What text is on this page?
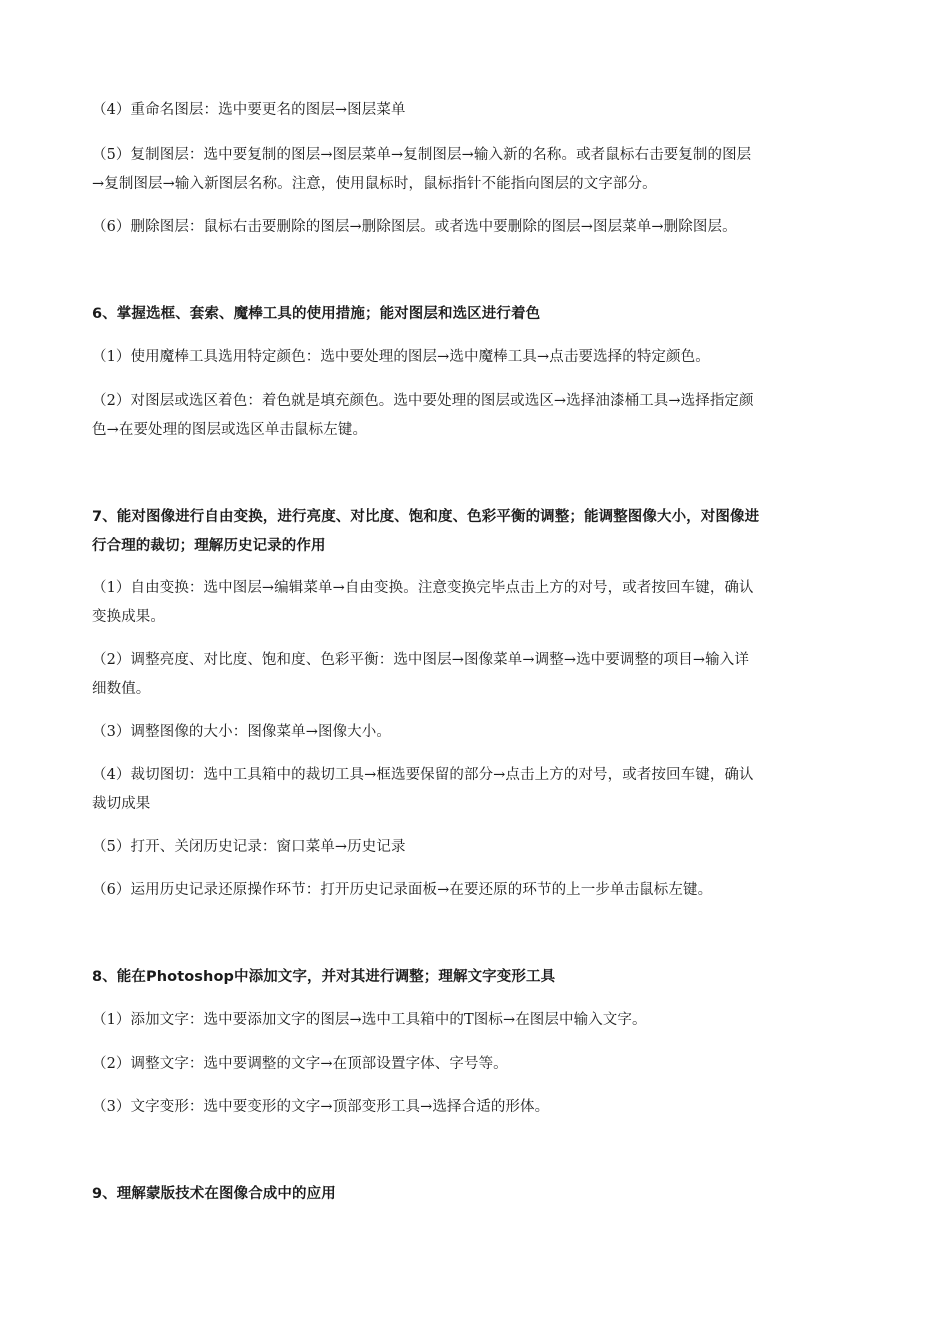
（4）重命名图层：选中要更名的图层→图层菜单
（5）复制图层：选中要复制的图层→图层菜单→复制图层→输入新的名称。或者鼠标右击要复制的图层
→复制图层→输入新图层名称。注意，使用鼠标时，鼠标指针不能指向图层的文字部分。
（6）删除图层：鼠标右击要删除的图层→删除图层。或者选中要删除的图层→图层菜单→删除图层。
6、掌握选框、套索、魔棒工具的使用措施；能对图层和选区进行着色
（1）使用魔棒工具选用特定颜色：选中要处理的图层→选中魔棒工具→点击要选择的特定颜色。
（2）对图层或选区着色：着色就是填充颜色。选中要处理的图层或选区→选择油漆桶工具→选择指定颜
色→在要处理的图层或选区单击鼠标左键。
7、能对图像进行自由变换，进行亮度、对比度、饱和度、色彩平衡的调整；能调整图像大小，对图像进
行合理的裁切；理解历史记录的作用
（1）自由变换：选中图层→编辑菜单→自由变换。注意变换完毕点击上方的对号，或者按回车键，确认
变换成果。
（2）调整亮度、对比度、饱和度、色彩平衡：选中图层→图像菜单→调整→选中要调整的项目→输入详
细数值。
（3）调整图像的大小：图像菜单→图像大小。
（4）裁切图切：选中工具箱中的裁切工具→框选要保留的部分→点击上方的对号，或者按回车键，确认
裁切成果
（5）打开、关闭历史记录：窗口菜单→历史记录
（6）运用历史记录还原操作环节：打开历史记录面板→在要还原的环节的上一步单击鼠标左键。
8、能在Photoshop中添加文字，并对其进行调整；理解文字变形工具
（1）添加文字：选中要添加文字的图层→选中工具箱中的T图标→在图层中输入文字。
（2）调整文字：选中要调整的文字→在顶部设置字体、字号等。
（3）文字变形：选中要变形的文字→顶部变形工具→选择合适的形体。
9、理解蒙版技术在图像合成中的应用
